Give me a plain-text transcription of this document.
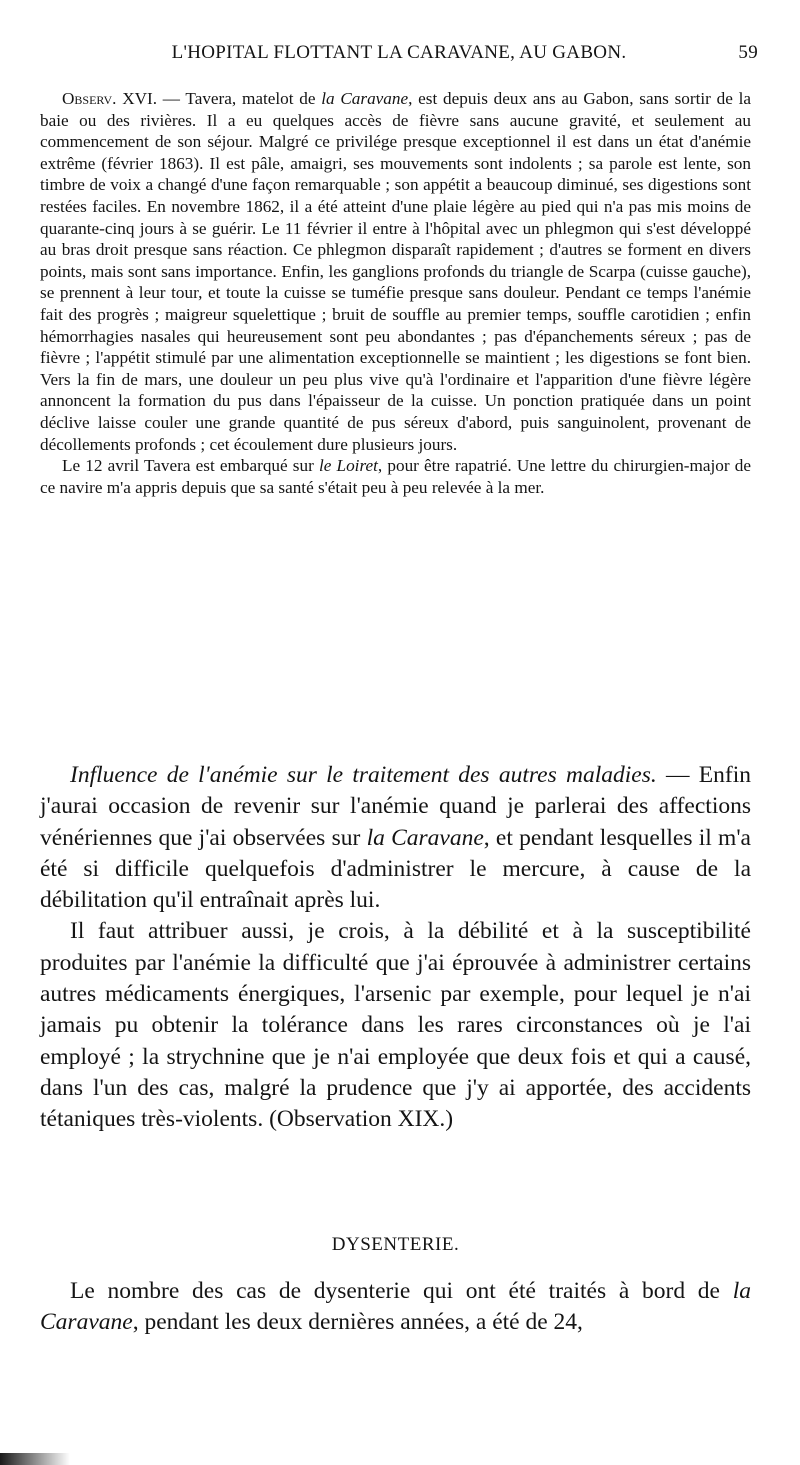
L'HOPITAL FLOTTANT LA CARAVANE, AU GABON.	59

Observ. XVI. — Tavera, matelot de la Caravane, est depuis deux ans au Gabon, sans sortir de la baie ou des rivières. Il a eu quelques accès de fièvre sans aucune gravité, et seulement au commencement de son séjour. Malgré ce privilége presque exceptionnel il est dans un état d'anémie extrême (février 1863). Il est pâle, amaigri, ses mouvements sont indolents ; sa parole est lente, son timbre de voix a changé d'une façon remarquable ; son appétit a beaucoup diminué, ses digestions sont restées faciles. En novembre 1862, il a été atteint d'une plaie légère au pied qui n'a pas mis moins de quarante-cinq jours à se guérir. Le 11 février il entre à l'hôpital avec un phlegmon qui s'est développé au bras droit presque sans réaction. Ce phlegmon disparaît rapidement ; d'autres se forment en divers points, mais sont sans importance. Enfin, les ganglions profonds du triangle de Scarpa (cuisse gauche), se prennent à leur tour, et toute la cuisse se tuméfie presque sans douleur. Pendant ce temps l'anémie fait des progrès ; maigreur squelettique ; bruit de souffle au premier temps, souffle carotidien ; enfin hémorrhagies nasales qui heureusement sont peu abondantes ; pas d'épanchements séreux ; pas de fièvre ; l'appétit stimulé par une alimentation exceptionnelle se maintient ; les digestions se font bien. Vers la fin de mars, une douleur un peu plus vive qu'à l'ordinaire et l'apparition d'une fièvre légère annoncent la formation du pus dans l'épaisseur de la cuisse. Un ponction pratiquée dans un point déclive laisse couler une grande quantité de pus séreux d'abord, puis sanguinolent, provenant de décollements profonds ; cet écoulement dure plusieurs jours.

Le 12 avril Tavera est embarqué sur le Loiret, pour être rapatrié. Une lettre du chirurgien-major de ce navire m'a appris depuis que sa santé s'était peu à peu relevée à la mer.

Influence de l'anémie sur le traitement des autres maladies. — Enfin j'aurai occasion de revenir sur l'anémie quand je parlerai des affections vénériennes que j'ai observées sur la Caravane, et pendant lesquelles il m'a été si difficile quelquefois d'administrer le mercure, à cause de la débilitation qu'il entraînait après lui.

Il faut attribuer aussi, je crois, à la débilité et à la susceptibilité produites par l'anémie la difficulté que j'ai éprouvée à administrer certains autres médicaments énergiques, l'arsenic par exemple, pour lequel je n'ai jamais pu obtenir la tolérance dans les rares circonstances où je l'ai employé ; la strychnine que je n'ai employée que deux fois et qui a causé, dans l'un des cas, malgré la prudence que j'y ai apportée, des accidents tétaniques très-violents. (Observation XIX.)

DYSENTERIE.

Le nombre des cas de dysenterie qui ont été traités à bord de la Caravane, pendant les deux dernières années, a été de 24,
